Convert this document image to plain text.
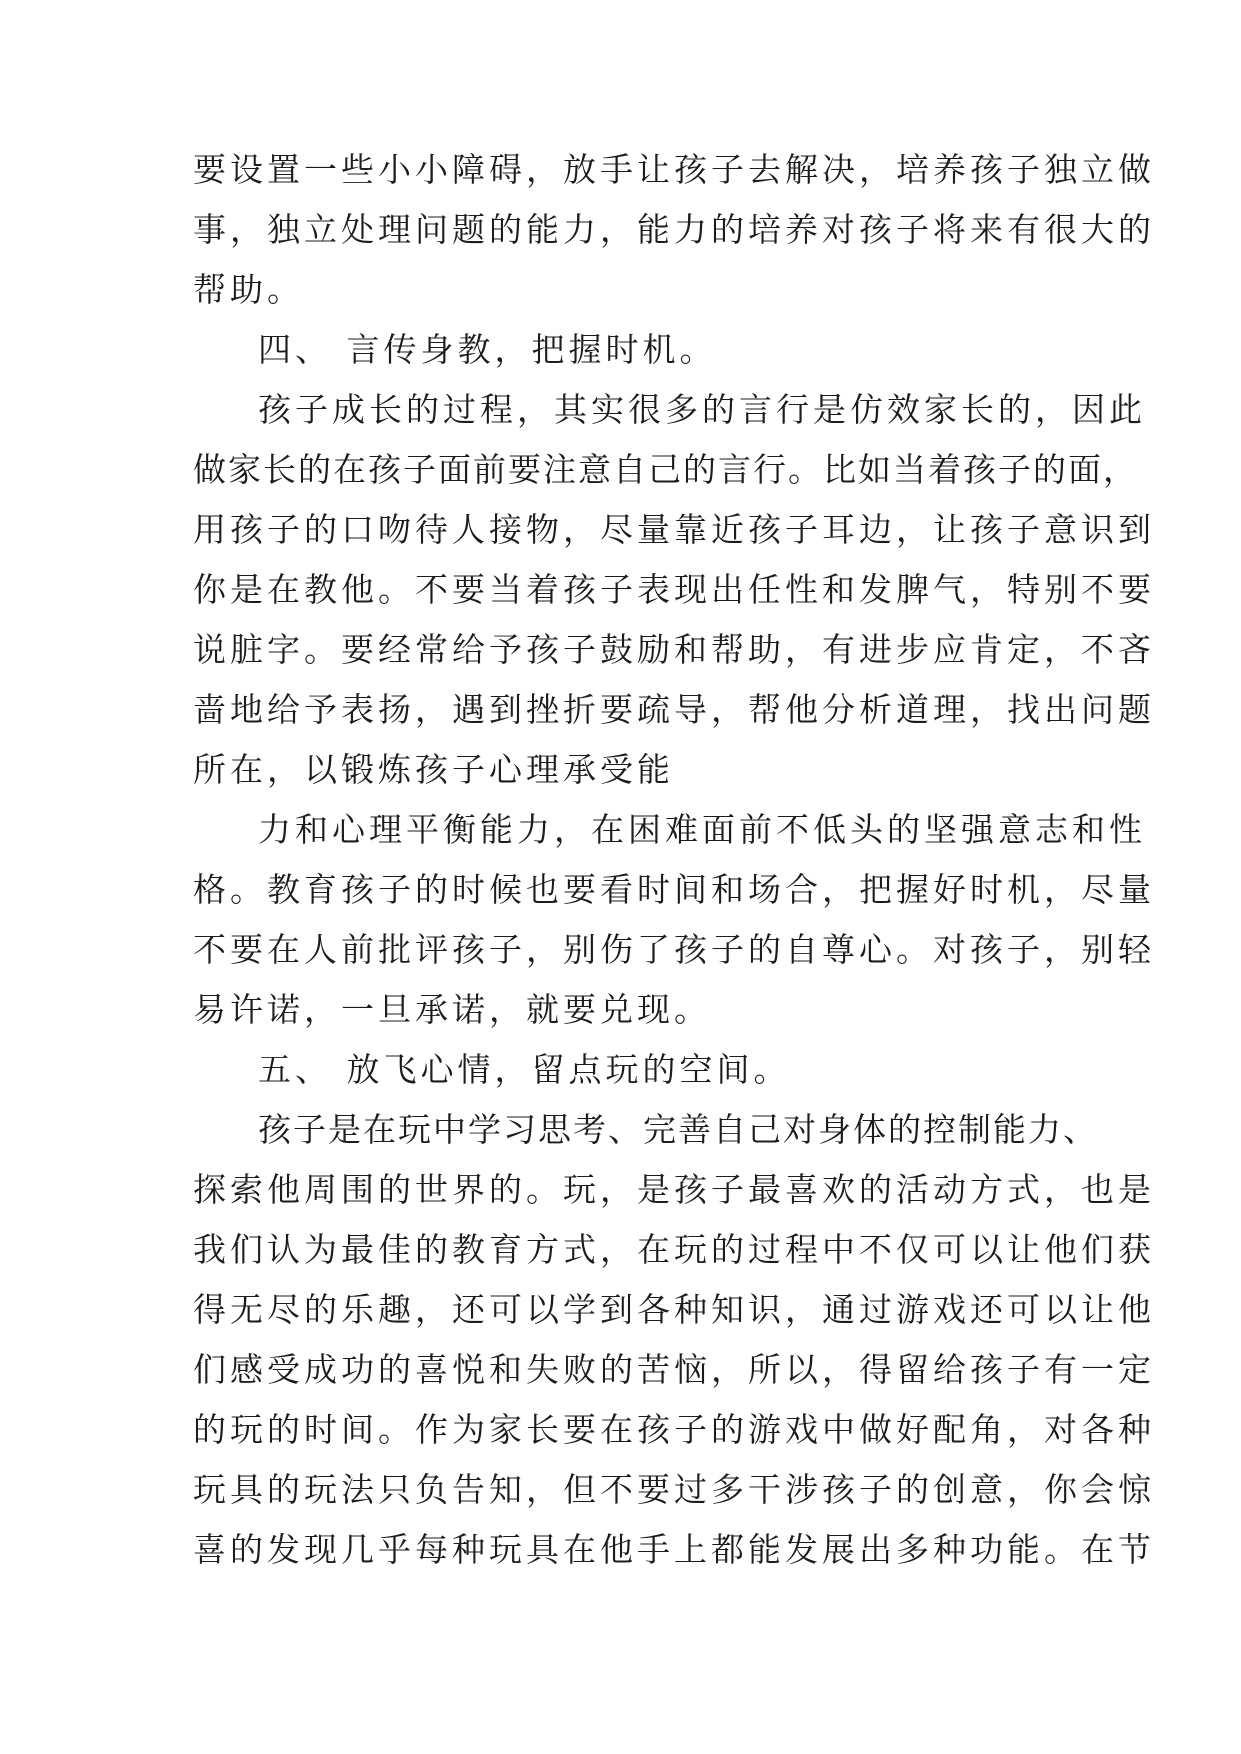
要设置一些小小障碍，放手让孩子去解决，培养孩子独立做
事，独立处理问题的能力，能力的培养对孩子将来有很大的
帮助。
四、 言传身教，把握时机。
孩子成长的过程，其实很多的言行是仿效家长的，因此
做家长的在孩子面前要注意自己的言行。比如当着孩子的面，
用孩子的口吻待人接物，尽量靠近孩子耳边，让孩子意识到
你是在教他。不要当着孩子表现出任性和发脾气，特别不要
说脏字。要经常给予孩子鼓励和帮助，有进步应肯定，不吝
啬地给予表扬，遇到挫折要疏导，帮他分析道理，找出问题
所在，以锻炼孩子心理承受能
力和心理平衡能力，在困难面前不低头的坚强意志和性
格。教育孩子的时候也要看时间和场合，把握好时机，尽量
不要在人前批评孩子，别伤了孩子的自尊心。对孩子，别轻
易许诺，一旦承诺，就要兑现。
五、 放飞心情，留点玩的空间。
孩子是在玩中学习思考、完善自己对身体的控制能力、
探索他周围的世界的。玩，是孩子最喜欢的活动方式，也是
我们认为最佳的教育方式，在玩的过程中不仅可以让他们获
得无尽的乐趣，还可以学到各种知识，通过游戏还可以让他
们感受成功的喜悦和失败的苦恼，所以，得留给孩子有一定
的玩的时间。作为家长要在孩子的游戏中做好配角，对各种
玩具的玩法只负告知，但不要过多干涉孩子的创意，你会惊
喜的发现几乎每种玩具在他手上都能发展出多种功能。在节
